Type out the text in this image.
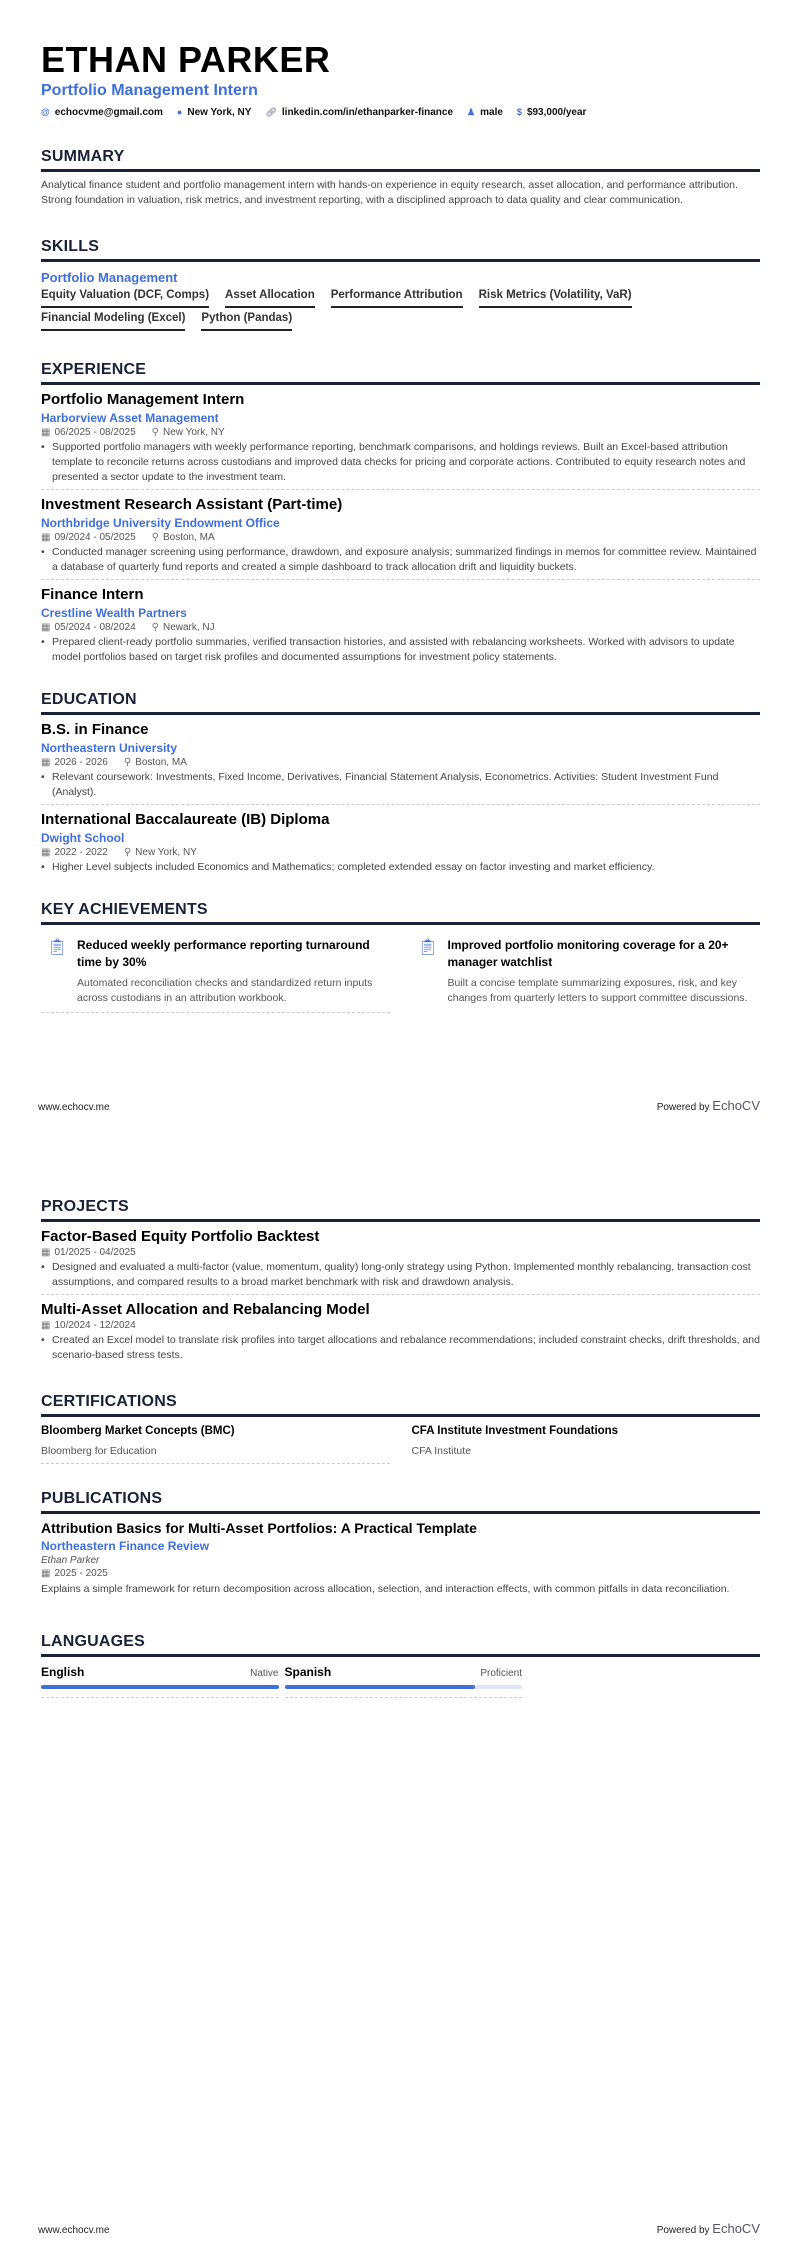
ETHAN PARKER
Portfolio Management Intern
@ echocvme@gmail.com ● New York, NY 🔗︎ linkedin.com/in/ethanparker-finance ♟ male $ $93,000/year
SUMMARY
Analytical finance student and portfolio management intern with hands-on experience in equity research, asset allocation, and performance attribution. Strong foundation in valuation, risk metrics, and investment reporting, with a disciplined approach to data quality and clear communication.
SKILLS
Portfolio Management
Equity Valuation (DCF, Comps) Asset Allocation Performance Attribution Risk Metrics (Volatility, VaR)
Financial Modeling (Excel) Python (Pandas)
EXPERIENCE
Portfolio Management Intern
Harborview Asset Management
▦ 06/2025 - 08/2025 ⚲ New York, NY
• Supported portfolio managers with weekly performance reporting, benchmark comparisons, and holdings reviews. Built an Excel-based attribution template to reconcile returns across custodians and improved data checks for pricing and corporate actions. Contributed to equity research notes and presented a sector update to the investment team.
Investment Research Assistant (Part-time)
Northbridge University Endowment Office
▦ 09/2024 - 05/2025 ⚲ Boston, MA
• Conducted manager screening using performance, drawdown, and exposure analysis; summarized findings in memos for committee review. Maintained a database of quarterly fund reports and created a simple dashboard to track allocation drift and liquidity buckets.
Finance Intern
Crestline Wealth Partners
▦ 05/2024 - 08/2024 ⚲ Newark, NJ
• Prepared client-ready portfolio summaries, verified transaction histories, and assisted with rebalancing worksheets. Worked with advisors to update model portfolios based on target risk profiles and documented assumptions for investment policy statements.
EDUCATION
B.S. in Finance
Northeastern University
▦ 2026 - 2026 ⚲ Boston, MA
• Relevant coursework: Investments, Fixed Income, Derivatives, Financial Statement Analysis, Econometrics. Activities: Student Investment Fund (Analyst).
International Baccalaureate (IB) Diploma
Dwight School
▦ 2022 - 2022 ⚲ New York, NY
• Higher Level subjects included Economics and Mathematics; completed extended essay on factor investing and market efficiency.
KEY ACHIEVEMENTS
📋︎ Reduced weekly performance reporting turnaround time by 30%

Automated reconciliation checks and standardized return inputs across custodians in an attribution workbook.

📋︎ Improved portfolio monitoring coverage for a 20+ manager watchlist

Built a concise template summarizing exposures, risk, and key changes from quarterly letters to support committee discussions.

www.echocv.me	Powered by EchoCV
PROJECTS
Factor-Based Equity Portfolio Backtest
▦ 01/2025 - 04/2025
• Designed and evaluated a multi-factor (value, momentum, quality) long-only strategy using Python. Implemented monthly rebalancing, transaction cost assumptions, and compared results to a broad market benchmark with risk and drawdown analysis.
Multi-Asset Allocation and Rebalancing Model
▦ 10/2024 - 12/2024
• Created an Excel model to translate risk profiles into target allocations and rebalance recommendations; included constraint checks, drift thresholds, and scenario-based stress tests.
CERTIFICATIONS
Bloomberg Market Concepts (BMC)

Bloomberg for Education

CFA Institute Investment Foundations

CFA Institute

PUBLICATIONS
Attribution Basics for Multi-Asset Portfolios: A Practical Template
Northeastern Finance Review
Ethan Parker
▦ 2025 - 2025
Explains a simple framework for return decomposition across allocation, selection, and interaction effects, with common pitfalls in data reconciliation.
LANGUAGES
English	Native Spanish	Proficient
www.echocv.me	Powered by EchoCV
